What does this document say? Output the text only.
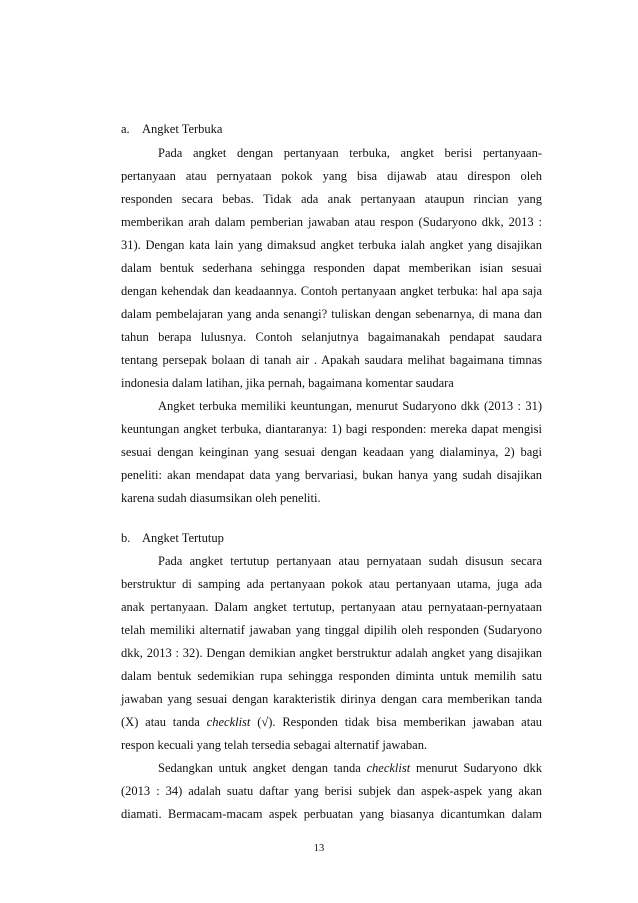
a. Angket Terbuka
Pada angket dengan pertanyaan terbuka, angket berisi pertanyaan-
pertanyaan atau pernyataan pokok yang bisa dijawab atau direspon oleh
responden secara bebas. Tidak ada anak pertanyaan ataupun rincian yang
memberikan arah dalam pemberian jawaban atau respon (Sudaryono dkk, 2013 :
31). Dengan kata lain yang dimaksud angket terbuka ialah angket yang disajikan
dalam bentuk sederhana sehingga responden dapat memberikan isian sesuai
dengan kehendak dan keadaannya. Contoh pertanyaan angket terbuka: hal apa saja
dalam pembelajaran yang anda senangi? tuliskan dengan sebenarnya, di mana dan
tahun berapa lulusnya. Contoh selanjutnya bagaimanakah pendapat saudara
tentang persepak bolaan di tanah air . Apakah saudara melihat bagaimana timnas
indonesia dalam latihan, jika pernah, bagaimana komentar saudara
Angket terbuka memiliki keuntungan, menurut Sudaryono dkk (2013 : 31)
keuntungan angket terbuka, diantaranya: 1) bagi responden: mereka dapat mengisi
sesuai dengan keinginan yang sesuai dengan keadaan yang dialaminya, 2) bagi
peneliti: akan mendapat data yang bervariasi, bukan hanya yang sudah disajikan
karena sudah diasumsikan oleh peneliti.
b. Angket Tertutup
Pada angket tertutup pertanyaan atau pernyataan sudah disusun secara
berstruktur di samping ada pertanyaan pokok atau pertanyaan utama, juga ada
anak pertanyaan. Dalam angket tertutup, pertanyaan atau pernyataan-pernyataan
telah memiliki alternatif jawaban yang tinggal dipilih oleh responden (Sudaryono
dkk, 2013 : 32). Dengan demikian angket berstruktur adalah angket yang disajikan
dalam bentuk sedemikian rupa sehingga responden diminta untuk memilih satu
jawaban yang sesuai dengan karakteristik dirinya dengan cara memberikan tanda
(X) atau tanda checklist (√). Responden tidak bisa memberikan jawaban atau
respon kecuali yang telah tersedia sebagai alternatif jawaban.
Sedangkan untuk angket dengan tanda checklist menurut Sudaryono dkk
(2013 : 34) adalah suatu daftar yang berisi subjek dan aspek-aspek yang akan
diamati. Bermacam-macam aspek perbuatan yang biasanya dicantumkan dalam
13
